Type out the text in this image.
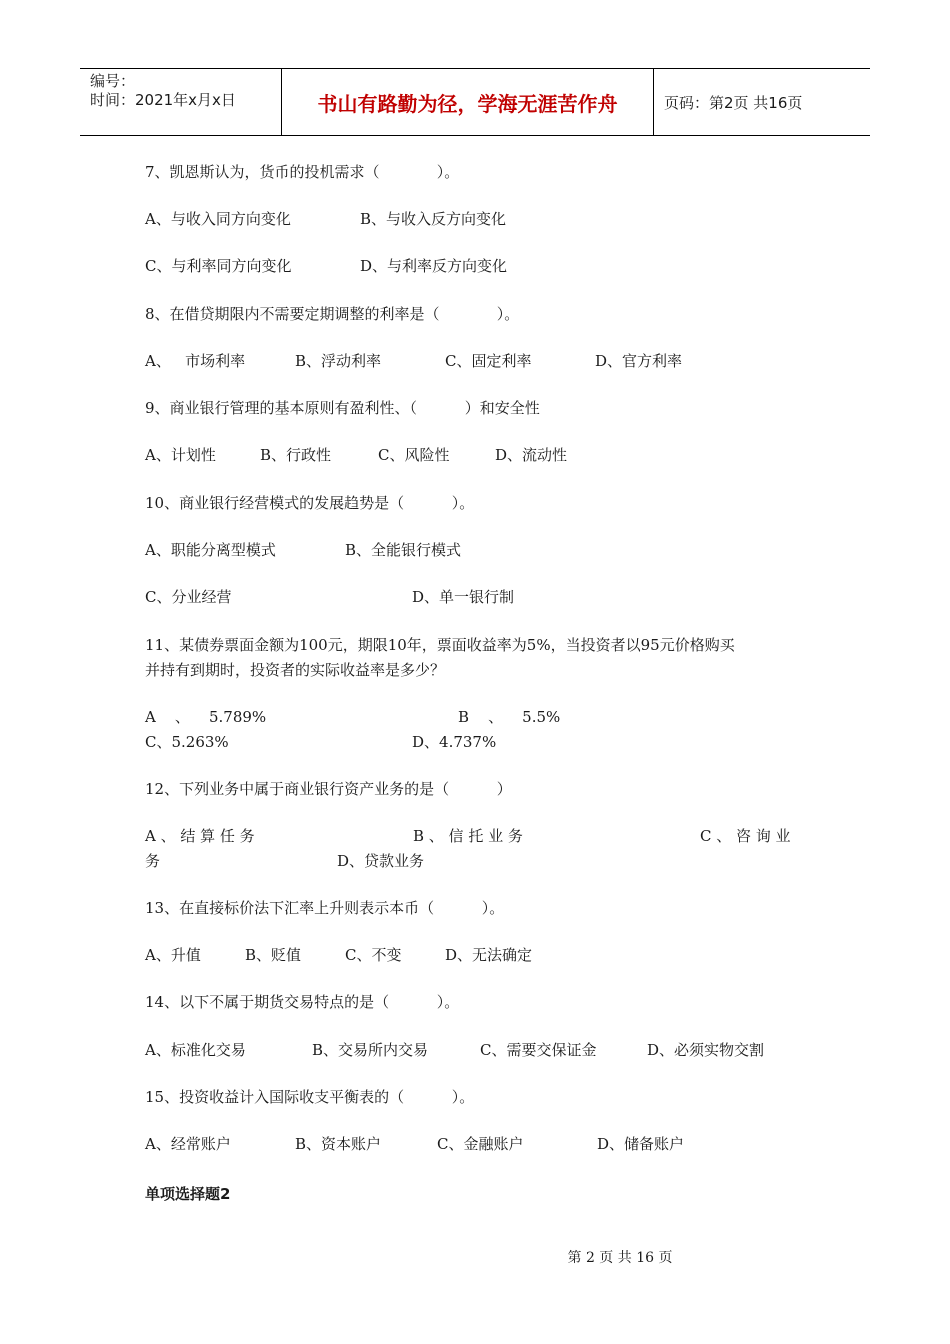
编号：
时间：2021年x月x日	书山有路勤为径，学海无涯苦作舟	页码：第2页 共16页
7、凯恩斯认为，货币的投机需求（            ）。
A、与收入同方向变化	B、与收入反方向变化
C、与利率同方向变化	D、与利率反方向变化
8、在借贷期限内不需要定期调整的利率是（            ）。
A、   市场利率	B、浮动利率	C、固定利率	D、官方利率
9、商业银行管理的基本原则有盈利性、（          ）和安全性
A、计划性	B、行政性	C、风险性	D、流动性
10、商业银行经营模式的发展趋势是（          ）。
A、职能分离型模式	B、全能银行模式
C、分业经营	D、单一银行制
11、某债券票面金额为100元，期限10年，票面收益率为5%，当投资者以95元价格购买
并持有到期时，投资者的实际收益率是多少？
A    、    5.789%	B    、    5.5%
C、5.263%	D、4.737%
12、下列业务中属于商业银行资产业务的是（          ）
A 、 结 算 任 务	B 、 信 托 业 务	C 、 咨 询 业
务	D、贷款业务
13、在直接标价法下汇率上升则表示本币（          ）。
A、升值	B、贬值	C、不变	D、无法确定
14、以下不属于期货交易特点的是（          ）。
A、标准化交易	B、交易所内交易	C、需要交保证金	D、必须实物交割
15、投资收益计入国际收支平衡表的（          ）。
A、经常账户	B、资本账户	C、金融账户	D、储备账户
单项选择题2
第 2 页 共 16 页
